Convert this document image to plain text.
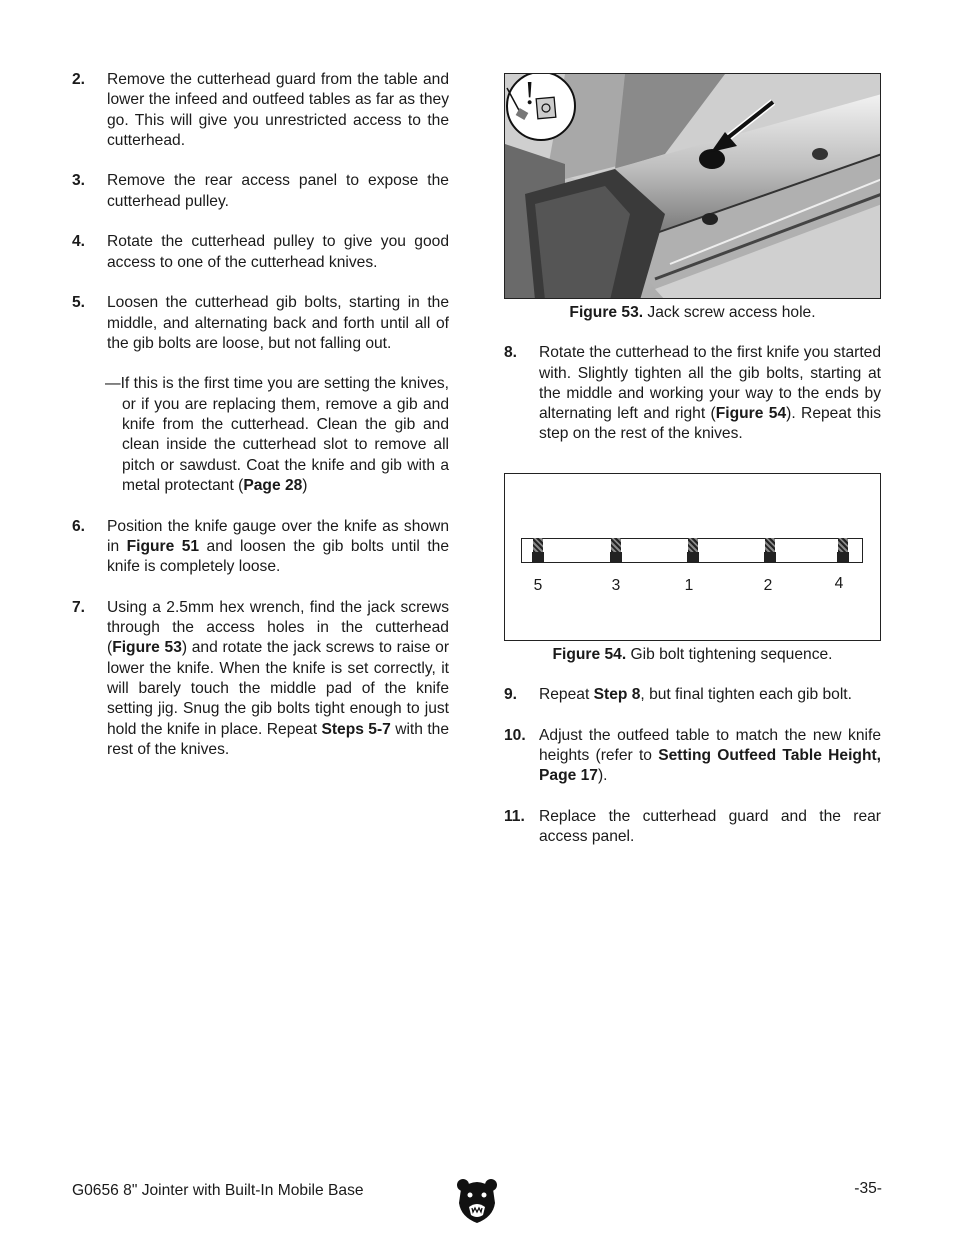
2. Remove the cutterhead guard from the table and lower the infeed and outfeed tables as far as they go. This will give you unrestricted access to the cutterhead.

3. Remove the rear access panel to expose the cutterhead pulley.

4. Rotate the cutterhead pulley to give you good access to one of the cutterhead knives.

5. Loosen the cutterhead gib bolts, starting in the middle, and alternating back and forth until all of the gib bolts are loose, but not falling out.

—If this is the first time you are setting the knives, or if you are replacing them, remove a gib and knife from the cutterhead. Clean the gib and clean inside the cutterhead slot to remove all pitch or sawdust. Coat the knife and gib with a metal protectant (Page 28)

6. Position the knife gauge over the knife as shown in Figure 51 and loosen the gib bolts until the knife is completely loose.

7. Using a 2.5mm hex wrench, find the jack screws through the access holes in the cutterhead (Figure 53) and rotate the jack screws to raise or lower the knife. When the knife is set correctly, it will barely touch the middle pad of the knife setting jig. Snug the gib bolts tight enough to just hold the knife in place. Repeat Steps 5-7 with the rest of the knives.

!

Figure 53. Jack screw access hole.

8. Rotate the cutterhead to the first knife you started with. Slightly tighten all the gib bolts, starting at the middle and working your way to the ends by alternating left and right (Figure 54). Repeat this step on the rest of the knives.

5	3	1	2	4

Figure 54. Gib bolt tightening sequence.

9. Repeat Step 8, but final tighten each gib bolt.

10. Adjust the outfeed table to match the new knife heights (refer to Setting Outfeed Table Height, Page 17).

11. Replace the cutterhead guard and the rear access panel.

G0656 8" Jointer with Built-In Mobile Base	-35-
